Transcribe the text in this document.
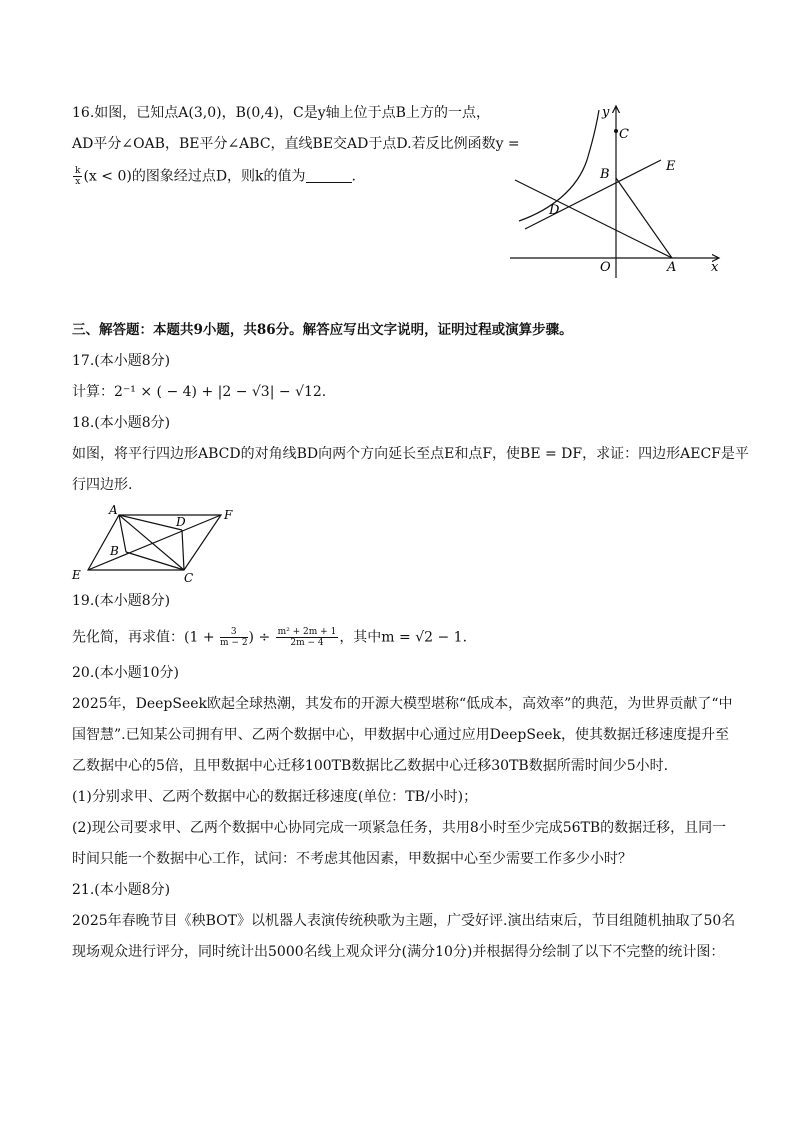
16.如图，已知点A(3,0)，B(0,4)，C是y轴上位于点B上方的一点，
AD平分∠OAB，BE平分∠ABC，直线BE交AD于点D.若反比例函数y =
$\frac{k}{x} (x < 0)$的图象经过点D，则k的值为	.
y
C
E
B
D
O	A	x
三、解答题：本题共9小题，共86分。解答应写出文字说明，证明过程或演算步骤。
17.(本小题8分)
计算：2⁻¹ × ( − 4) + |2 − √3| − √12.
18.(本小题8分)
如图，将平行四边形ABCD的对角线BD向两个方向延长至点E和点F，使BE = DF，求证：四边形AECF是平
行四边形.
A
D	F
B
E	C
19.(本小题8分)
先化简，再求值：($1 + \frac{3}{m - 2}$ ) ÷ $\frac{\text{m² + 2m + 1}}{2m - 4}$ ，其中m = √2 − 1.
20.(本小题10分)
2025年，DeepSeek欧起全球热潮，其发布的开源大模型堪称“低成本，高效率”的典范，为世界贡献了“中
国智慧”.已知某公司拥有甲、乙两个数据中心，甲数据中心通过应用DeepSeek，使其数据迁移速度提升至
乙数据中心的5倍，且甲数据中心迁移100TB数据比乙数据中心迁移30TB数据所需时间少5小时.
(1)分别求甲、乙两个数据中心的数据迁移速度(单位：TB/小时)；
(2)现公司要求甲、乙两个数据中心协同完成一项紧急任务，共用8小时至少完成56TB的数据迁移，且同一
时间只能一个数据中心工作，试问：不考虑其他因素，甲数据中心至少需要工作多少小时？
21.(本小题8分)
2025年春晚节目《秧BOT》以机器人表演传统秧歌为主题，广受好评.演出结束后，节目组随机抽取了50名
现场观众进行评分，同时统计出5000名线上观众评分(满分10分)并根据得分绘制了以下不完整的统计图：
